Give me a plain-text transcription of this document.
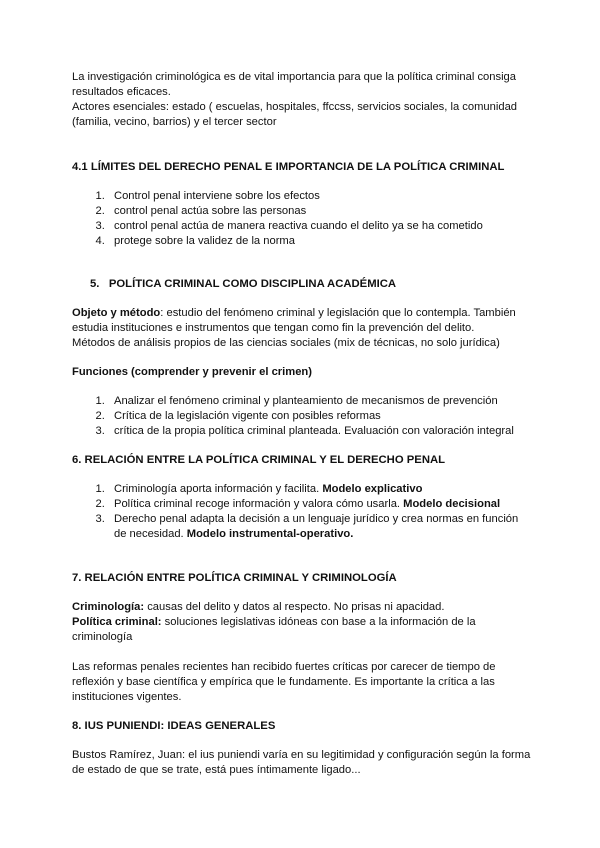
La investigación criminológica es de vital importancia para que la política criminal consiga resultados eficaces.

Actores esenciales: estado ( escuelas, hospitales, ffccss, servicios sociales, la comunidad (familia, vecino, barrios) y el tercer sector

4.1 LÍMITES DEL DERECHO PENAL E IMPORTANCIA DE LA POLÍTICA CRIMINAL
1. Control penal interviene sobre los efectos
2. control penal actúa sobre las personas
3. control penal actúa de manera reactiva cuando el delito ya se ha cometido
4. protege sobre la validez de la norma
5. POLÍTICA CRIMINAL COMO DISCIPLINA ACADÉMICA

Objeto y método: estudio del fenómeno criminal y legislación que lo contempla. También estudia instituciones e instrumentos que tengan como fin la prevención del delito.

Métodos de análisis propios de las ciencias sociales (mix de técnicas, no solo jurídica)

Funciones (comprender y prevenir el crimen)

1. Analizar el fenómeno criminal y planteamiento de mecanismos de prevención
2. Crítica de la legislación vigente con posibles reformas
3. crítica de la propia política criminal planteada. Evaluación con valoración integral
6. RELACIÓN ENTRE LA POLÍTICA CRIMINAL Y EL DERECHO PENAL
1. Criminología aporta información y facilita. Modelo explicativo
2. Política criminal recoge información y valora cómo usarla. Modelo decisional
3. Derecho penal adapta la decisión a un lenguaje jurídico y crea normas en función de necesidad. Modelo instrumental-operativo.
7. RELACIÓN ENTRE POLÍTICA CRIMINAL Y CRIMINOLOGÍA

Criminología: causas del delito y datos al respecto. No prisas ni apacidad.

Política criminal: soluciones legislativas idóneas con base a la información de la criminología

Las reformas penales recientes han recibido fuertes críticas por carecer de tiempo de reflexión y base científica y empírica que le fundamente. Es importante la crítica a las instituciones vigentes.

8. IUS PUNIENDI: IDEAS GENERALES

Bustos Ramírez, Juan: el ius puniendi varía en su legitimidad y configuración según la forma de estado de que se trate, está pues íntimamente ligado...
